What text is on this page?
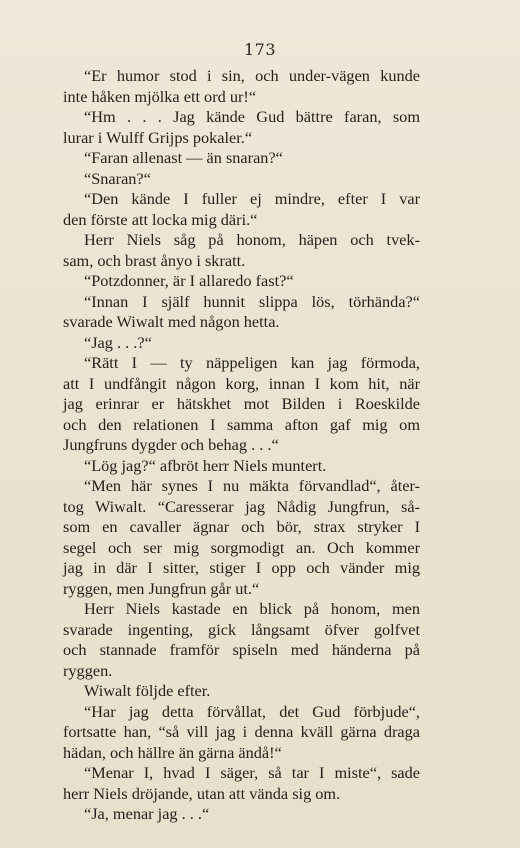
173
“Er humor stod i sin, och under-vägen kunde
inte håken mjölka ett ord ur!“
“Hm . . . Jag kände Gud bättre faran, som
lurar i Wulff Grijps pokaler.“
“Faran allenast — än snaran?“
“Snaran?“
“Den kände I fuller ej mindre, efter I var
den förste att locka mig däri.“
Herr Niels såg på honom, häpen och tvek-
sam, och brast ånyo i skratt.
“Potzdonner, är I allaredo fast?“
“Innan I själf hunnit slippa lös, törhända?“
svarade Wiwalt med någon hetta.
“Jag . . .?“
“Rätt I — ty näppeligen kan jag förmoda,
att I undfångit någon korg, innan I kom hit, när
jag erinrar er hätskhet mot Bilden i Roeskilde
och den relationen I samma afton gaf mig om
Jungfruns dygder och behag . . .“
“Lög jag?“ afbröt herr Niels muntert.
“Men här synes I nu mäkta förvandlad“, åter-
tog Wiwalt. “Caresserar jag Nådig Jungfrun, så-
som en cavaller ägnar och bör, strax stryker I
segel och ser mig sorgmodigt an. Och kommer
jag in där I sitter, stiger I opp och vänder mig
ryggen, men Jungfrun går ut.“
Herr Niels kastade en blick på honom, men
svarade ingenting, gick långsamt öfver golfvet
och stannade framför spiseln med händerna på
ryggen.
Wiwalt följde efter.
“Har jag detta förvållat, det Gud förbjude“,
fortsatte han, “så vill jag i denna kväll gärna draga
hädan, och hällre än gärna ändå!“
“Menar I, hvad I säger, så tar I miste“, sade
herr Niels dröjande, utan att vända sig om.
“Ja, menar jag . . .“
